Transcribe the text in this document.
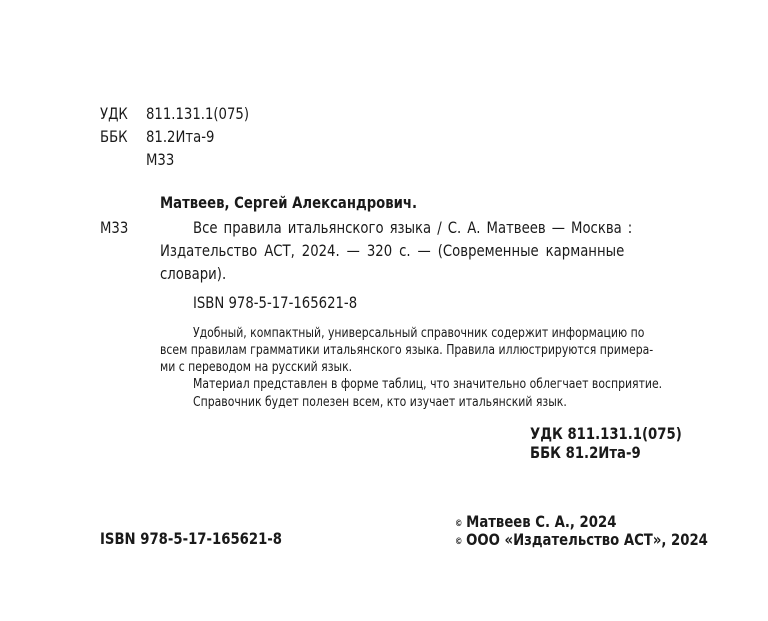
УДК 811.131.1(075)
ББК 81.2Ита-9
М33
Матвеев, Сергей Александрович.
М33	Все правила итальянского языка / С. А. Матвеев — Москва :
Издательство АСТ, 2024. — 320 с. — (Современные карманные
словари).
ISBN 978-5-17-165621-8
Удобный, компактный, универсальный справочник содержит информацию по
всем правилам грамматики итальянского языка. Правила иллюстрируются примера-
ми с переводом на русский язык.
Материал представлен в форме таблиц, что значительно облегчает восприятие.
Справочник будет полезен всем, кто изучает итальянский язык.
УДК 811.131.1(075)
ББК 81.2Ита-9
ISBN 978-5-17-165621-8
© Матвеев С. А., 2024
© ООО «Издательство АСТ», 2024
